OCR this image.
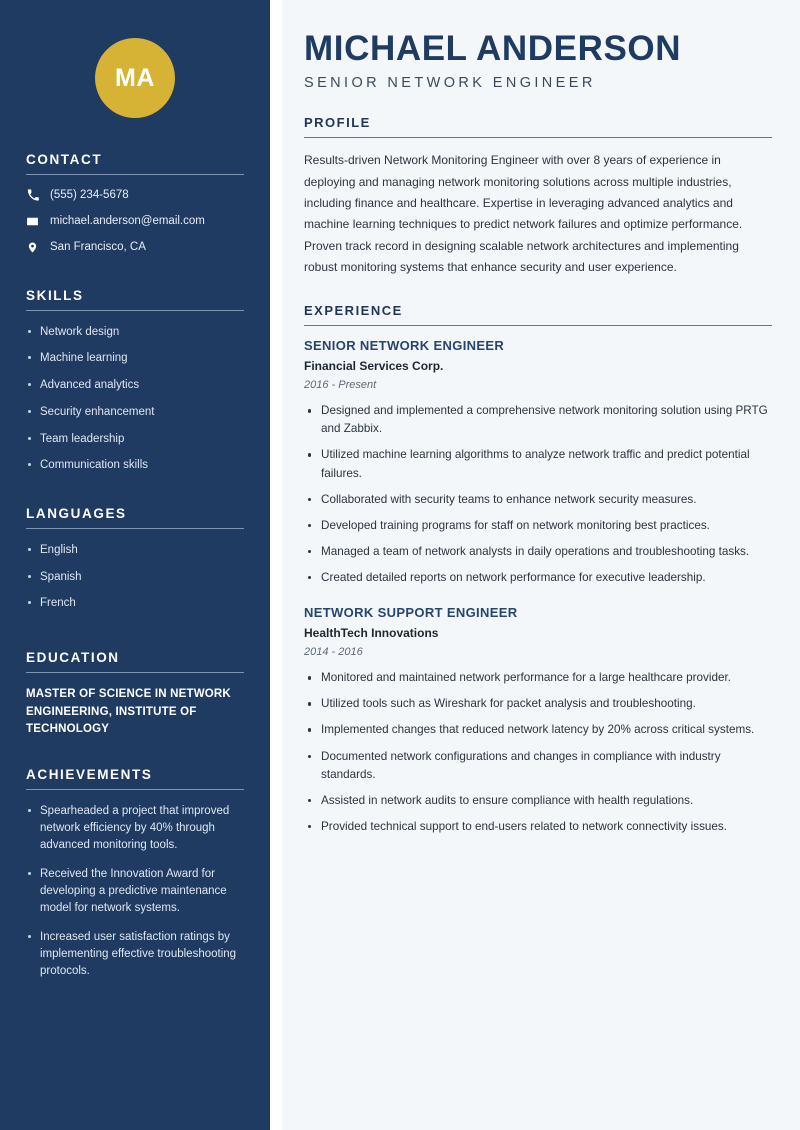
MA
CONTACT
(555) 234-5678
michael.anderson@email.com
San Francisco, CA
SKILLS
Network design
Machine learning
Advanced analytics
Security enhancement
Team leadership
Communication skills
LANGUAGES
English
Spanish
French
EDUCATION
MASTER OF SCIENCE IN NETWORK ENGINEERING, INSTITUTE OF TECHNOLOGY
ACHIEVEMENTS
Spearheaded a project that improved network efficiency by 40% through advanced monitoring tools.
Received the Innovation Award for developing a predictive maintenance model for network systems.
Increased user satisfaction ratings by implementing effective troubleshooting protocols.
MICHAEL ANDERSON
SENIOR NETWORK ENGINEER
PROFILE

Results-driven Network Monitoring Engineer with over 8 years of experience in deploying and managing network monitoring solutions across multiple industries, including finance and healthcare. Expertise in leveraging advanced analytics and machine learning techniques to predict network failures and optimize performance. Proven track record in designing scalable network architectures and implementing robust monitoring systems that enhance security and user experience.

EXPERIENCE
SENIOR NETWORK ENGINEER
Financial Services Corp.
2016 - Present
Designed and implemented a comprehensive network monitoring solution using PRTG and Zabbix.
Utilized machine learning algorithms to analyze network traffic and predict potential failures.
Collaborated with security teams to enhance network security measures.
Developed training programs for staff on network monitoring best practices.
Managed a team of network analysts in daily operations and troubleshooting tasks.
Created detailed reports on network performance for executive leadership.
NETWORK SUPPORT ENGINEER
HealthTech Innovations
2014 - 2016
Monitored and maintained network performance for a large healthcare provider.
Utilized tools such as Wireshark for packet analysis and troubleshooting.
Implemented changes that reduced network latency by 20% across critical systems.
Documented network configurations and changes in compliance with industry standards.
Assisted in network audits to ensure compliance with health regulations.
Provided technical support to end-users related to network connectivity issues.
